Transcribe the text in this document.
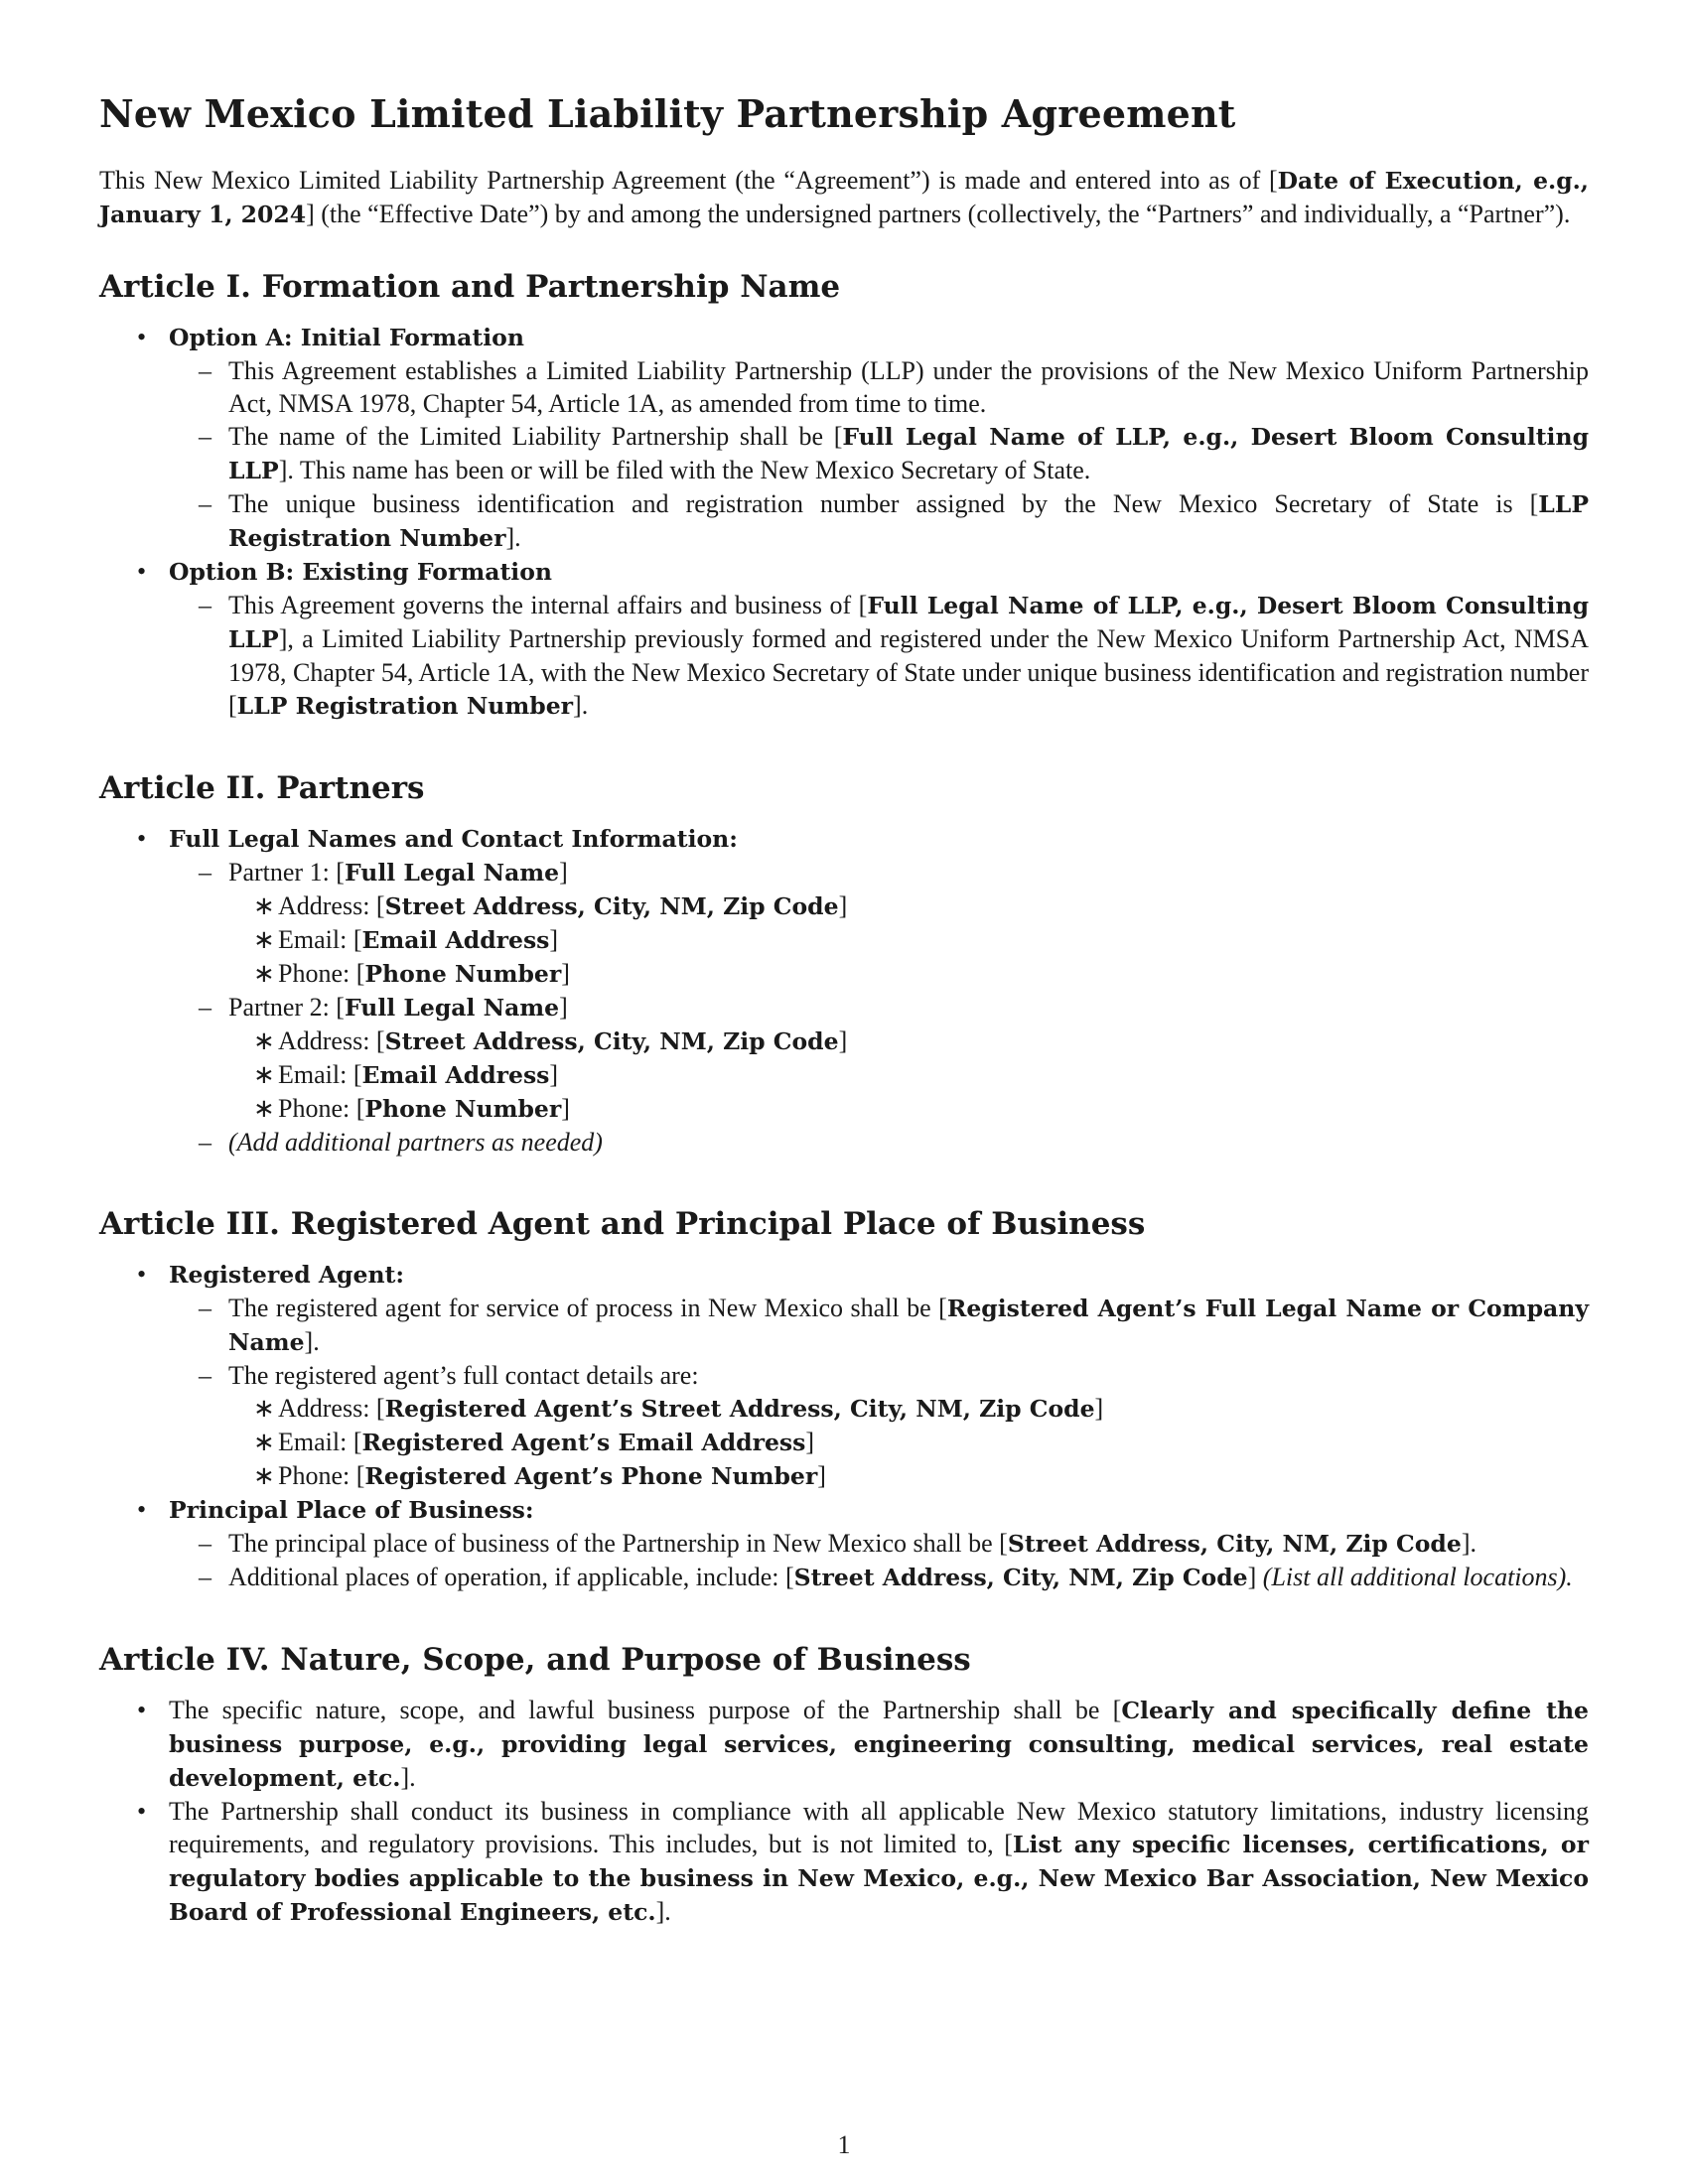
New Mexico Limited Liability Partnership Agreement

This New Mexico Limited Liability Partnership Agreement (the “Agreement”) is made and entered into as of [Date of Execution, e.g., January 1, 2024] (the “Effective Date”) by and among the undersigned partners (collectively, the “Partners” and individually, a “Partner”).

Article I. Formation and Partnership Name
• Option A: Initial Formation
– This Agreement establishes a Limited Liability Partnership (LLP) under the provisions of the New Mexico Uniform Partnership Act, NMSA 1978, Chapter 54, Article 1A, as amended from time to time.
– The name of the Limited Liability Partnership shall be [Full Legal Name of LLP, e.g., Desert Bloom Consulting LLP]. This name has been or will be filed with the New Mexico Secretary of State.
– The unique business identification and registration number assigned by the New Mexico Secretary of State is [LLP Registration Number].
• Option B: Existing Formation
– This Agreement governs the internal affairs and business of [Full Legal Name of LLP, e.g., Desert Bloom Consulting LLP], a Limited Liability Partnership previously formed and registered under the New Mexico Uniform Partnership Act, NMSA 1978, Chapter 54, Article 1A, with the New Mexico Secretary of State under unique business identification and registration number [LLP Registration Number].
Article II. Partners
• Full Legal Names and Contact Information:
– Partner 1: [Full Legal Name]
∗ Address: [Street Address, City, NM, Zip Code]
∗ Email: [Email Address]
∗ Phone: [Phone Number]
– Partner 2: [Full Legal Name]
∗ Address: [Street Address, City, NM, Zip Code]
∗ Email: [Email Address]
∗ Phone: [Phone Number]
– (Add additional partners as needed)
Article III. Registered Agent and Principal Place of Business
• Registered Agent:
– The registered agent for service of process in New Mexico shall be [Registered Agent’s Full Legal Name or Company Name].
– The registered agent’s full contact details are:
∗ Address: [Registered Agent’s Street Address, City, NM, Zip Code]
∗ Email: [Registered Agent’s Email Address]
∗ Phone: [Registered Agent’s Phone Number]
• Principal Place of Business:
– The principal place of business of the Partnership in New Mexico shall be [Street Address, City, NM, Zip Code].
– Additional places of operation, if applicable, include: [Street Address, City, NM, Zip Code] (List all additional locations).
Article IV. Nature, Scope, and Purpose of Business
• The specific nature, scope, and lawful business purpose of the Partnership shall be [Clearly and specifically define the business purpose, e.g., providing legal services, engineering consulting, medical services, real estate development, etc.].
• The Partnership shall conduct its business in compliance with all applicable New Mexico statutory limitations, industry licensing requirements, and regulatory provisions. This includes, but is not limited to, [List any specific licenses, certifications, or regulatory bodies applicable to the business in New Mexico, e.g., New Mexico Bar Association, New Mexico Board of Professional Engineers, etc.].
1
